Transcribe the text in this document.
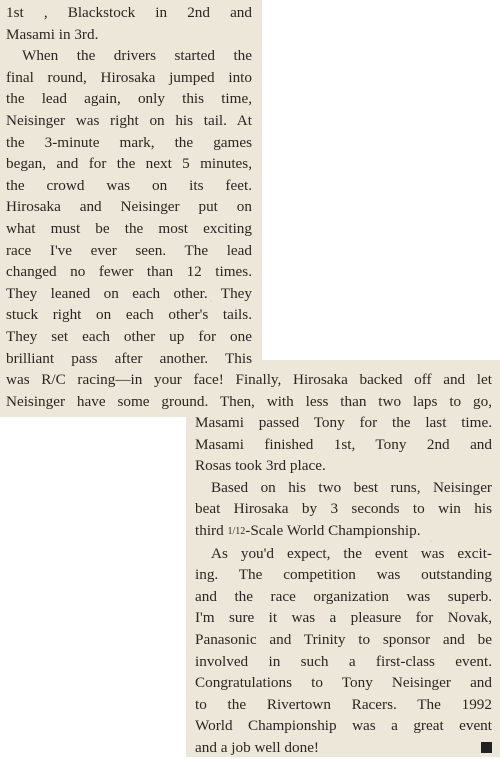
1st , Blackstock in 2nd and
Masami in 3rd.
When the drivers started the
final round, Hirosaka jumped into
the lead again, only this time,
Neisinger was right on his tail. At
the 3-minute mark, the games
began, and for the next 5 minutes,
the crowd was on its feet.
Hirosaka and Neisinger put on
what must be the most exciting
race I've ever seen. The lead
changed no fewer than 12 times.
They leaned on each other. They
stuck right on each other's tails.
They set each other up for one
brilliant pass after another. This
was R/C racing—in your face! Finally, Hirosaka backed off and let
Neisinger have some ground. Then, with less than two laps to go,
Masami passed Tony for the last time.
Masami finished 1st, Tony 2nd and
Rosas took 3rd place.
Based on his two best runs, Neisinger
beat Hirosaka by 3 seconds to win his
third 1/12-Scale World Championship.
As you'd expect, the event was excit-
ing. The competition was outstanding
and the race organization was superb.
I'm sure it was a pleasure for Novak,
Panasonic and Trinity to sponsor and be
involved in such a first-class event.
Congratulations to Tony Neisinger and
to the Rivertown Racers. The 1992
World Championship was a great event
and a job well done!
